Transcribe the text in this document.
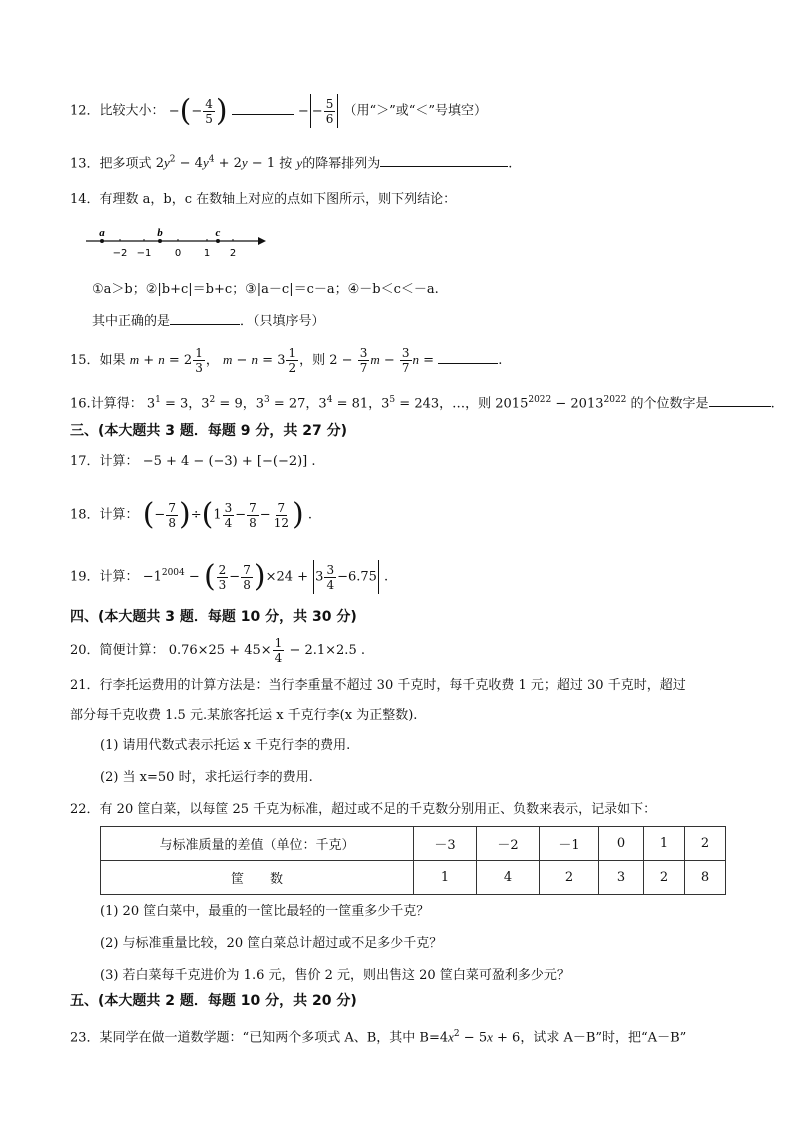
12．比较大小： −(− $\frac{4}{5}$ )	− − $\frac{5}{6}$ （用“＞”或“＜”号填空）
13．把多项式 $2y^2 - 4y^4 + 2y - 1$ 按 y的降幂排列为	.
14．有理数 a，b，c 在数轴上对应的点如下图所示，则下列结论：
a	b	c
−2 −1 0 1 2
①a＞b；②|b+c|＝b+c；③|a－c|＝c－a；④－b＜c＜－a.
其中正确的是	．（只填序号）
15．如果 $m + n = 2 \frac{1}{3}$ ， $m - n = 3 \frac{1}{2}$ ，则 $2 - \frac{3}{7}$ $m - \frac{3}{7}$ n =	.
16.计算得： $3^1 = 3$，$3^2 = 9$，$3^3 = 27$，$3^4 = 81$，$3^5 = 243$，…，则 $2015^{2022} - 2013^{2022}$ 的个位数字是	.
三、(本大题共 3 题．每题 9 分，共 27 分)
17．计算： −5 + 4 − (−3) + [−(−2)] .
18．计算： (− $\frac{7}{8} )\div(1 \frac{3}{4} - \frac{7}{8} - \frac{7}{12}$ ) .
19．计算： $-1^{2004}$ − ( $\frac{2}{3} - \frac{7}{8} )\times 24 + 3 \frac{3}{4} -6.75$ .
四、(本大题共 3 题．每题 10 分，共 30 分)
20．简便计算： $0.76\times 25 + 45\times \frac{1}{4} - 2.1\times 2.5$ .
21．行李托运费用的计算方法是：当行李重量不超过 30 千克时，每千克收费 1 元；超过 30 千克时，超过
部分每千克收费 1.5 元.某旅客托运 x 千克行李(x 为正整数).
(1) 请用代数式表示托运 x 千克行李的费用.
(2) 当 x=50 时，求托运行李的费用.
22．有 20 筐白菜，以每筐 25 千克为标准，超过或不足的千克数分别用正、负数来表示，记录如下：
与标准质量的差值（单位：千克）	－3	－2	－1	0	1	2
筐　　数	1	4	2	3	2	8
(1) 20 筐白菜中，最重的一筐比最轻的一筐重多少千克？
(2) 与标准重量比较，20 筐白菜总计超过或不足多少千克？
(3) 若白菜每千克进价为 1.6 元，售价 2 元，则出售这 20 筐白菜可盈利多少元？
五、(本大题共 2 题．每题 10 分，共 20 分)
23．某同学在做一道数学题：“已知两个多项式 A、B，其中 $B=4x^2 - 5x + 6$，试求 A－B”时，把“A－B”
